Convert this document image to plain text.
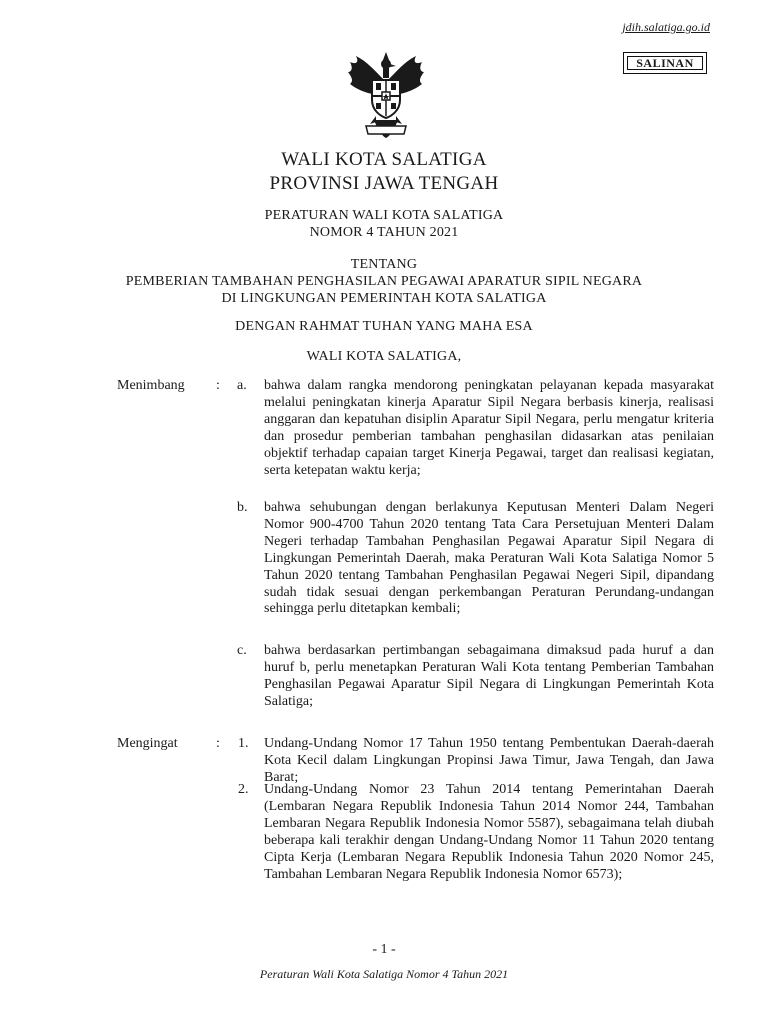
jdih.salatiga.go.id
SALINAN
WALI KOTA SALATIGA
PROVINSI JAWA TENGAH
PERATURAN WALI KOTA SALATIGA
NOMOR 4 TAHUN 2021
TENTANG
PEMBERIAN TAMBAHAN PENGHASILAN PEGAWAI APARATUR SIPIL NEGARA
DI LINGKUNGAN PEMERINTAH KOTA SALATIGA
DENGAN RAHMAT TUHAN YANG MAHA ESA
WALI KOTA SALATIGA,
Menimbang : a. bahwa dalam rangka mendorong peningkatan pelayanan kepada masyarakat melalui peningkatan kinerja Aparatur Sipil Negara berbasis kinerja, realisasi anggaran dan kepatuhan disiplin Aparatur Sipil Negara, perlu mengatur kriteria dan prosedur pemberian tambahan penghasilan didasarkan atas penilaian objektif terhadap capaian target Kinerja Pegawai, target dan realisasi kegiatan, serta ketepatan waktu kerja;
b. bahwa sehubungan dengan berlakunya Keputusan Menteri Dalam Negeri Nomor 900-4700 Tahun 2020 tentang Tata Cara Persetujuan Menteri Dalam Negeri terhadap Tambahan Penghasilan Pegawai Aparatur Sipil Negara di Lingkungan Pemerintah Daerah, maka Peraturan Wali Kota Salatiga Nomor 5 Tahun 2020 tentang Tambahan Penghasilan Pegawai Negeri Sipil, dipandang sudah tidak sesuai dengan perkembangan Peraturan Perundang-undangan sehingga perlu ditetapkan kembali;
c. bahwa berdasarkan pertimbangan sebagaimana dimaksud pada huruf a dan huruf b, perlu menetapkan Peraturan Wali Kota tentang Pemberian Tambahan Penghasilan Pegawai Aparatur Sipil Negara di Lingkungan Pemerintah Kota Salatiga;
Mengingat	: 1. Undang-Undang Nomor 17 Tahun 1950 tentang Pembentukan Daerah-daerah Kota Kecil dalam Lingkungan Propinsi Jawa Timur, Jawa Tengah, dan Jawa Barat;
2. Undang-Undang Nomor 23 Tahun 2014 tentang Pemerintahan Daerah (Lembaran Negara Republik Indonesia Tahun 2014 Nomor 244, Tambahan Lembaran Negara Republik Indonesia Nomor 5587), sebagaimana telah diubah beberapa kali terakhir dengan Undang-Undang Nomor 11 Tahun 2020 tentang Cipta Kerja (Lembaran Negara Republik Indonesia Tahun 2020 Nomor 245, Tambahan Lembaran Negara Republik Indonesia Nomor 6573);
- 1 -
Peraturan Wali Kota Salatiga Nomor 4 Tahun 2021
